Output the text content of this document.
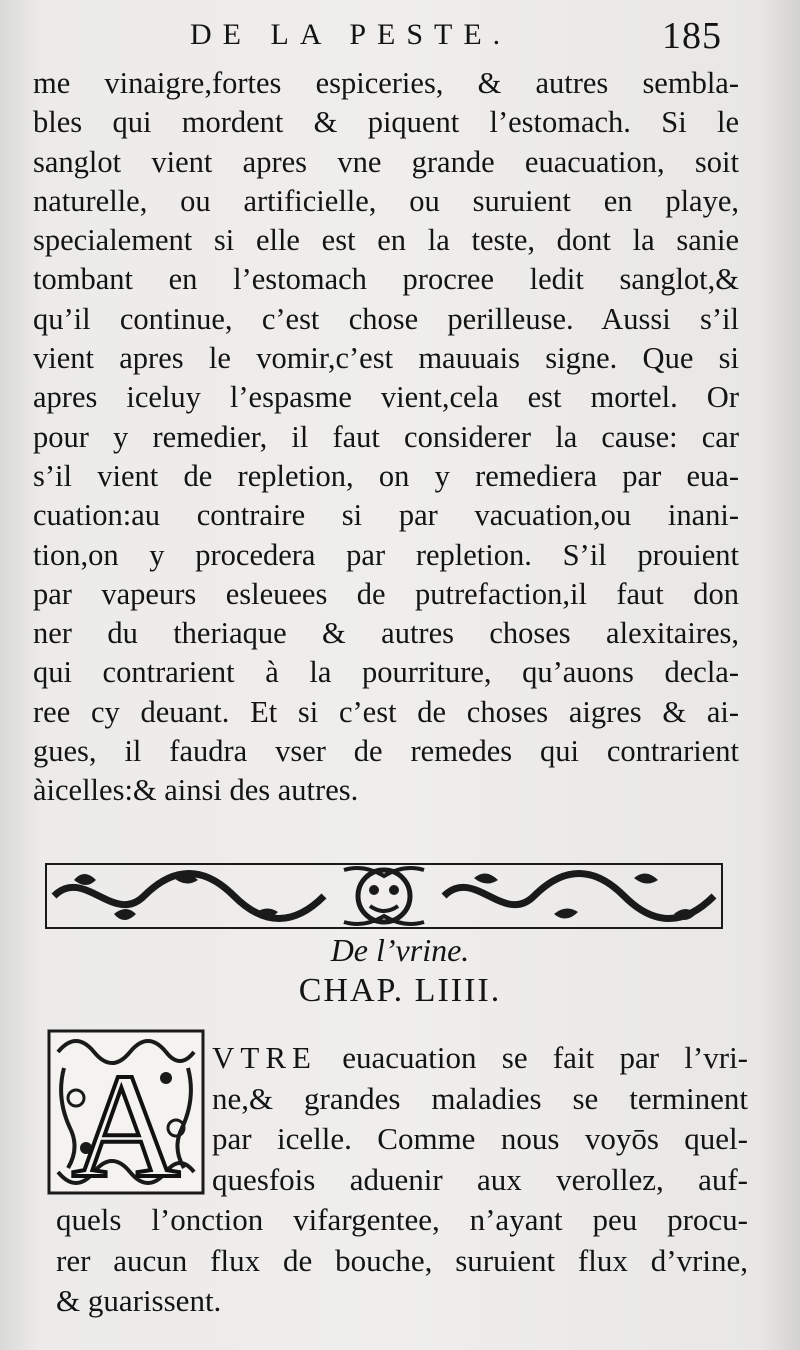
DE LA PESTE.	185
me vinaigre,fortes espiceries, & autres sembla-
bles qui mordent & piquent l’estomach. Si le
sanglot vient apres vne grande euacuation, soit
naturelle, ou artificielle, ou suruient en playe,
specialement si elle est en la teste, dont la sanie
tombant en l’estomach procree ledit sanglot,&
qu’il continue, c’est chose perilleuse. Aussi s’il
vient apres le vomir,c’est mauuais signe. Que si
apres iceluy l’espasme vient,cela est mortel. Or
pour y remedier, il faut considerer la cause: car
s’il vient de repletion, on y remediera par eua-
cuation:au contraire si par vacuation,ou inani-
tion,on y procedera par repletion. S’il prouient
par vapeurs esleuees de putrefaction,il faut don
ner du theriaque & autres choses alexitaires,
qui contrarient à la pourriture, qu’auons decla-
ree cy deuant. Et si c’est de choses aigres & ai-
gues, il faudra vser de remedes qui contrarient
àicelles:& ainsi des autres.
De l’vrine.
CHAP. LIIII.
A VTRE euacuation se fait par l’vri-
ne,& grandes maladies se terminent
par icelle. Comme nous voyōs quel-
quesfois aduenir aux verollez, auf-
quels l’onction vifargentee, n’ayant peu procu-
rer aucun flux de bouche, suruient flux d’vrine,
& guarissent.
